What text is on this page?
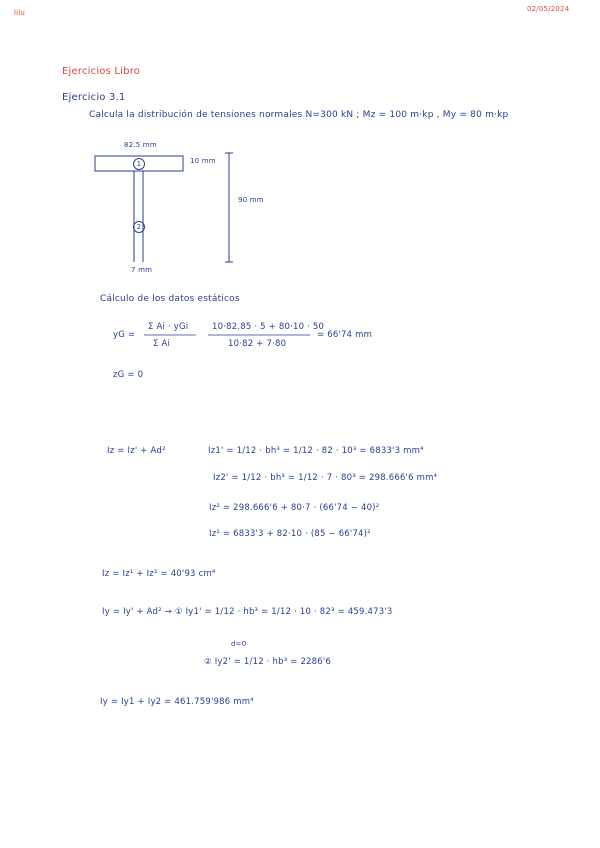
lilu	02/05/2024
Ejercicios Libro
Ejercicio 3.1
Calcula la distribución de tensiones normales N=300 kN ; Mz = 100 m·kp , My = 80 m·kp
82.5 mm
10 mm
90 mm
7 mm
1
2
Cálculo de los datos estáticos
yG =
Σ Ai · yGi
Σ Ai
10·82.85 · 5 + 80·10 · 50
10·82 + 7·80
= 66'74 mm
zG = 0
Iz = Iz' + Ad²	Iz1' = 1/12 · bh³ = 1/12 · 82 · 10³ = 6833'3 mm⁴
Iz2' = 1/12 · bh³ = 1/12 · 7 · 80³ = 298.666'6 mm⁴
Iz² = 298.666'6 + 80·7 · (66'74 − 40)²
Iz¹ = 6833'3 + 82·10 · (85 − 66'74)²
Iz = Iz¹ + Iz² = 40'93 cm⁴
Iy = Iy' + Ad² → ① Iy1' = 1/12 · hb³ = 1/12 · 10 · 82³ = 459.473'3
d=0
② Iy2' = 1/12 · hb³ = 2286'6
Iy = Iy1 + Iy2 = 461.759'986 mm⁴
